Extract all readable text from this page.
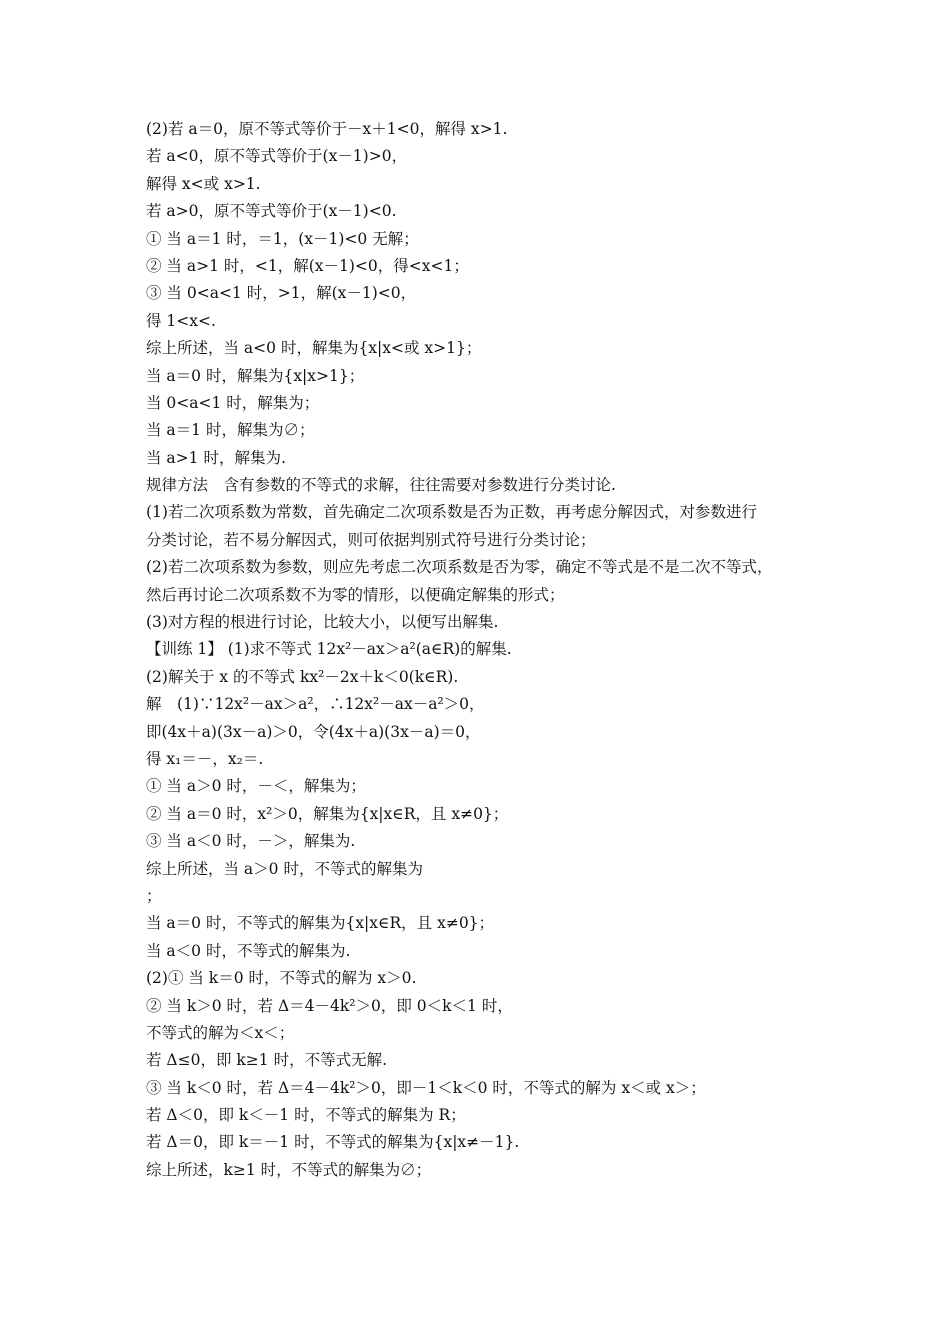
(2)若 a＝0，原不等式等价于－x＋1<0，解得 x>1.
若 a<0，原不等式等价于(x－1)>0，
解得 x<或 x>1.
若 a>0，原不等式等价于(x－1)<0.
① 当 a＝1 时，＝1，(x－1)<0 无解；
② 当 a>1 时，<1，解(x－1)<0，得<x<1；
③ 当 0<a<1 时，>1，解(x－1)<0，
得 1<x<.
综上所述，当 a<0 时，解集为{x|x<或 x>1}；
当 a＝0 时，解集为{x|x>1}；
当 0<a<1 时，解集为；
当 a＝1 时，解集为∅；
当 a>1 时，解集为.
规律方法　含有参数的不等式的求解，往往需要对参数进行分类讨论.
(1)若二次项系数为常数，首先确定二次项系数是否为正数，再考虑分解因式，对参数进行
分类讨论，若不易分解因式，则可依据判别式符号进行分类讨论；
(2)若二次项系数为参数，则应先考虑二次项系数是否为零，确定不等式是不是二次不等式，
然后再讨论二次项系数不为零的情形，以便确定解集的形式；
(3)对方程的根进行讨论，比较大小，以便写出解集.
【训练 1】 (1)求不等式 12x²－ax＞a²(a∈R)的解集.
(2)解关于 x 的不等式 kx²－2x＋k＜0(k∈R).
解　(1)∵12x²－ax＞a²，∴12x²－ax－a²＞0，
即(4x＋a)(3x－a)＞0，令(4x＋a)(3x－a)＝0，
得 x₁＝－，x₂＝.
① 当 a＞0 时，－＜，解集为；
② 当 a＝0 时，x²＞0，解集为{x|x∈R，且 x≠0}；
③ 当 a＜0 时，－＞，解集为.
综上所述，当 a＞0 时，不等式的解集为
；
当 a＝0 时，不等式的解集为{x|x∈R，且 x≠0}；
当 a＜0 时，不等式的解集为.
(2)① 当 k＝0 时，不等式的解为 x＞0.
② 当 k＞0 时，若 Δ＝4－4k²＞0，即 0＜k＜1 时，
不等式的解为＜x＜；
若 Δ≤0，即 k≥1 时，不等式无解.
③ 当 k＜0 时，若 Δ＝4－4k²＞0，即－1＜k＜0 时，不等式的解为 x＜或 x＞；
若 Δ＜0，即 k＜－1 时，不等式的解集为 R；
若 Δ＝0，即 k＝－1 时，不等式的解集为{x|x≠－1}.
综上所述，k≥1 时，不等式的解集为∅；
